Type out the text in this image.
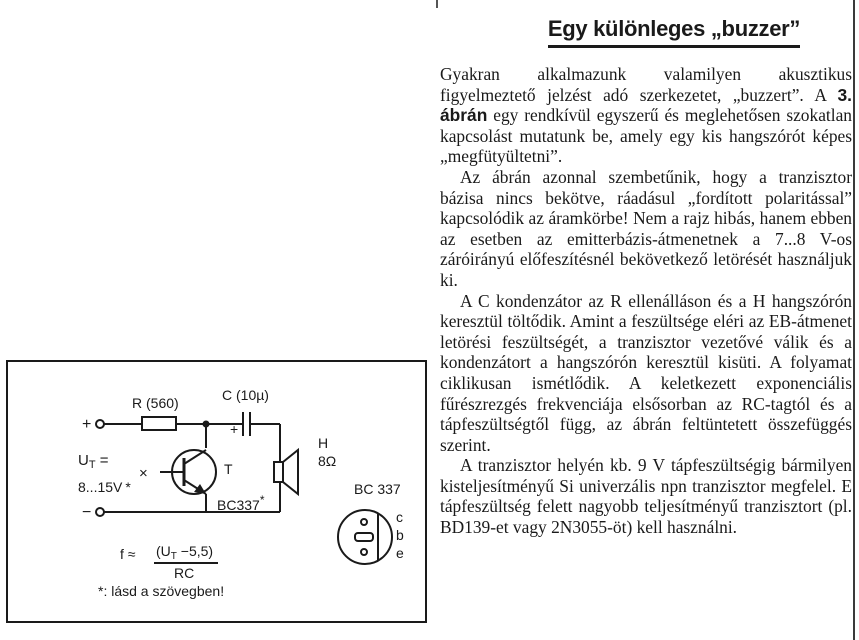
Egy különleges „buzzer”

Gyakran alkalmazunk valamilyen akusztikus figyelmeztető jelzést adó szerkezetet, „buzzert”. A 3. ábrán egy rendkívül egyszerű és meglehetősen szokatlan kapcsolást mutatunk be, amely egy kis hangszórót képes „megfütyültetni”.

Az ábrán azonnal szembetűnik, hogy a tranzisztor bázisa nincs bekötve, ráadásul „fordított polaritással” kapcsolódik az áramkörbe! Nem a rajz hibás, hanem ebben az esetben az emitterbázis-átmenetnek a 7...8 V-os záróirányú előfeszítésnél bekövetkező letörését használjuk ki.

A C kondenzátor az R ellenálláson és a H hangszórón keresztül töltődik. Amint a feszültsége eléri az EB-átmenet letörési feszültségét, a tranzisztor vezetővé válik és a kondenzátort a hangszórón keresztül kisüti. A folyamat ciklikusan ismétlődik. A keletkezett exponenciális fűrészrezgés frekvenciája elsősorban az RC-tagtól és a tápfeszültségtől függ, az ábrán feltüntetett összefüggés szerint.

A tranzisztor helyén kb. 9 V tápfeszültségig bármilyen kisteljesítményű Si univerzális npn tranzisztor megfelel. E tápfeszültség felett nagyobb teljesítményű tranzisztort (pl. BD139-et vagy 2N3055-öt) kell használni.

+
−
R (560)	C (10µ)
+
$U_T$ =
8...15V *
×	T
BC337*
H
8Ω
BC 337
c
b
e
$f \approx (U_T -5,5)$
RC
*: lásd a szövegben!
